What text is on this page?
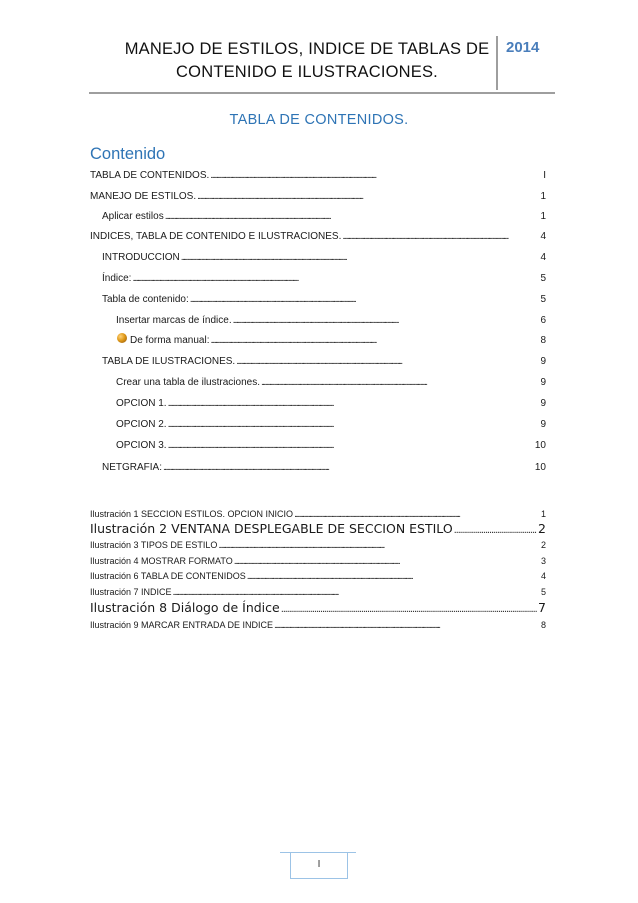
MANEJO DE ESTILOS, INDICE DE TABLAS DE
CONTENIDO E ILUSTRACIONES.
2014
TABLA DE CONTENIDOS.
Contenido
TABLA DE CONTENIDOS. . . .	I
MANEJO DE ESTILOS. . . .	1
Aplicar estilos . . .	1
INDICES, TABLA DE CONTENIDO E ILUSTRACIONES. . . .	4
INTRODUCCION . . .	4
Índice: . . .	5
Tabla de contenido: . . .	5
Insertar marcas de índice. . . .	6
De forma manual: . . .	8
TABLA DE ILUSTRACIONES. . . .	9
Crear una tabla de ilustraciones. . . .	9
OPCION 1. . . .	9
OPCION 2. . . .	9
OPCION 3. . . .	10
NETGRAFIA: . . .	10
Ilustración 1 SECCION ESTILOS. OPCION INICIO . . .	1
Ilustración 2 VENTANA DESPLEGABLE DE SECCION ESTILO . . .	2
Ilustración 3 TIPOS DE ESTILO . . .	2
Ilustración 4 MOSTRAR FORMATO . . .	3
Ilustración 6 TABLA DE CONTENIDOS . . .	4
Ilustración 7 INDICE . . .	5
Ilustración 8 Diálogo de Índice . . .	7
Ilustración 9 MARCAR ENTRADA DE INDICE . . .	8
I
